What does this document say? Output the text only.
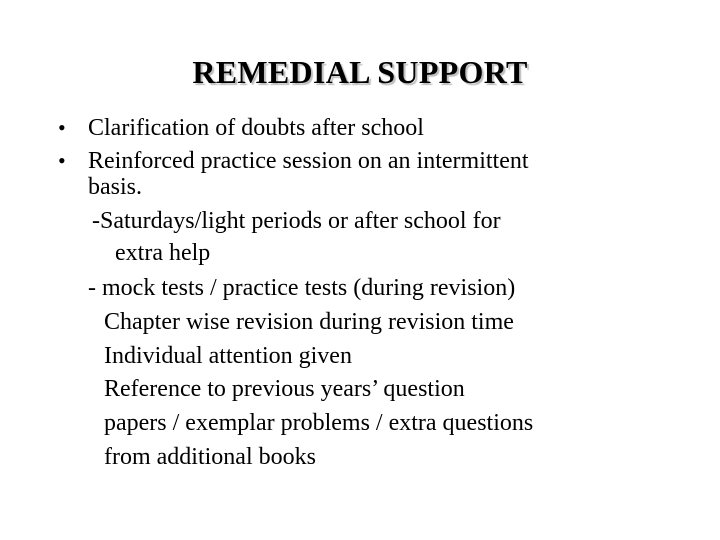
REMEDIAL SUPPORT
• Clarification of doubts after school
• Reinforced practice session on an intermittent
basis.
-Saturdays/light periods or after school for
extra help
- mock tests / practice tests (during revision)
Chapter wise revision during revision time
Individual attention given
Reference to previous years’ question
papers / exemplar problems / extra questions
from additional books
